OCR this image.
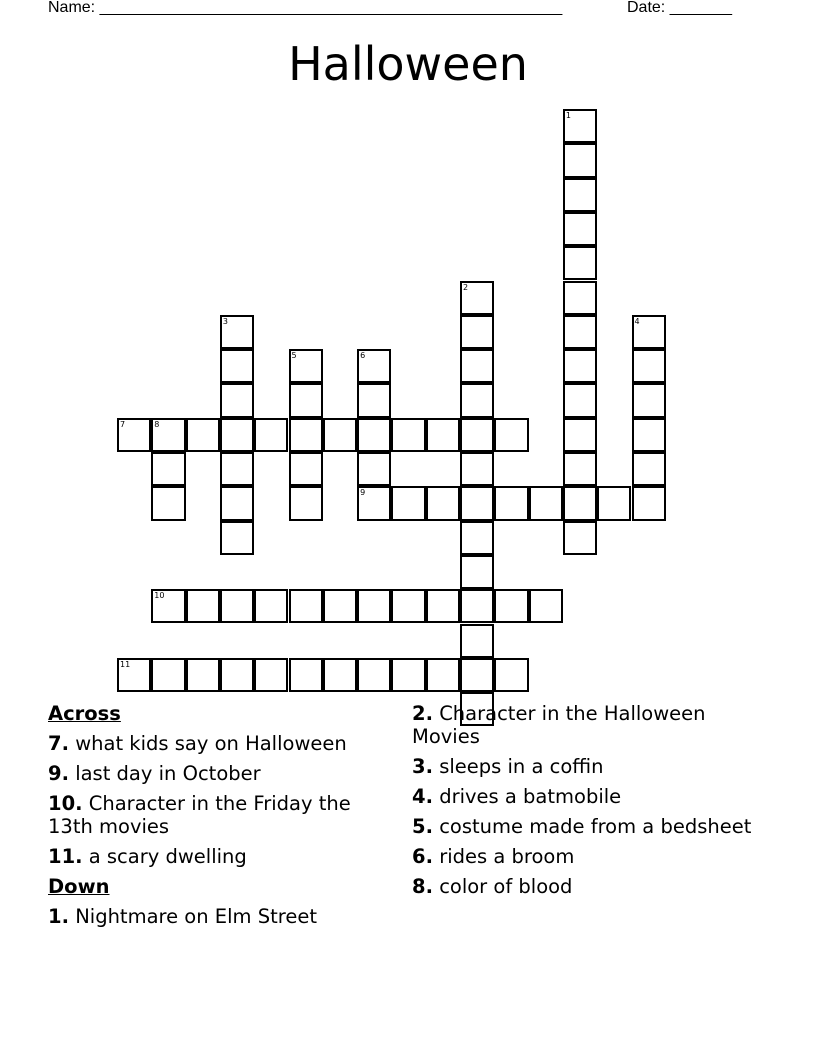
Name: ____________________________________________________	Date: _______
Halloween
1
2
3	4
5	6
9
7	8
10
11
Across
7. what kids say on Halloween
9. last day in October
10. Character in the Friday the 13th movies
11. a scary dwelling
Down
1. Nightmare on Elm Street
2. Character in the Halloween Movies
3. sleeps in a coffin
4. drives a batmobile
5. costume made from a bedsheet
6. rides a broom
8. color of blood
